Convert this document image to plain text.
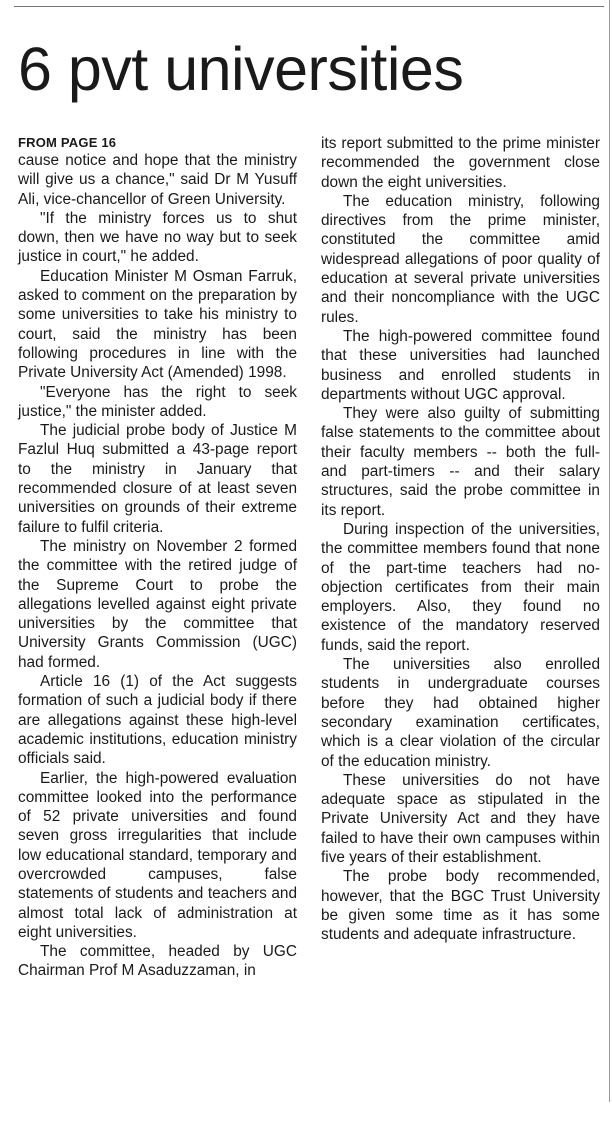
6 pvt universities
FROM PAGE 16

cause notice and hope that the ministry will give us a chance," said Dr M Yusuff Ali, vice-chancellor of Green University.

"If the ministry forces us to shut down, then we have no way but to seek justice in court," he added.

Education Minister M Osman Farruk, asked to comment on the preparation by some universities to take his ministry to court, said the ministry has been following procedures in line with the Private University Act (Amended) 1998.

"Everyone has the right to seek justice," the minister added.

The judicial probe body of Justice M Fazlul Huq submitted a 43-page report to the ministry in January that recommended closure of at least seven universities on grounds of their extreme failure to fulfil criteria.

The ministry on November 2 formed the committee with the retired judge of the Supreme Court to probe the allegations levelled against eight private universities by the committee that University Grants Commission (UGC) had formed.

Article 16 (1) of the Act suggests formation of such a judicial body if there are allegations against these high-level academic institutions, education ministry officials said.

Earlier, the high-powered evaluation committee looked into the performance of 52 private universities and found seven gross irregularities that include low educational standard, temporary and overcrowded campuses, false statements of students and teachers and almost total lack of administration at eight universities.

The committee, headed by UGC Chairman Prof M Asaduzzaman, in

its report submitted to the prime minister recommended the government close down the eight universities.

The education ministry, following directives from the prime minister, constituted the committee amid widespread allegations of poor quality of education at several private universities and their noncompliance with the UGC rules.

The high-powered committee found that these universities had launched business and enrolled students in departments without UGC approval.

They were also guilty of submitting false statements to the committee about their faculty members -- both the full- and part-timers -- and their salary structures, said the probe committee in its report.

During inspection of the universities, the committee members found that none of the part-time teachers had no-objection certificates from their main employers. Also, they found no existence of the mandatory reserved funds, said the report.

The universities also enrolled students in undergraduate courses before they had obtained higher secondary examination certificates, which is a clear violation of the circular of the education ministry.

These universities do not have adequate space as stipulated in the Private University Act and they have failed to have their own campuses within five years of their establishment.

The probe body recommended, however, that the BGC Trust University be given some time as it has some students and adequate infrastructure.
